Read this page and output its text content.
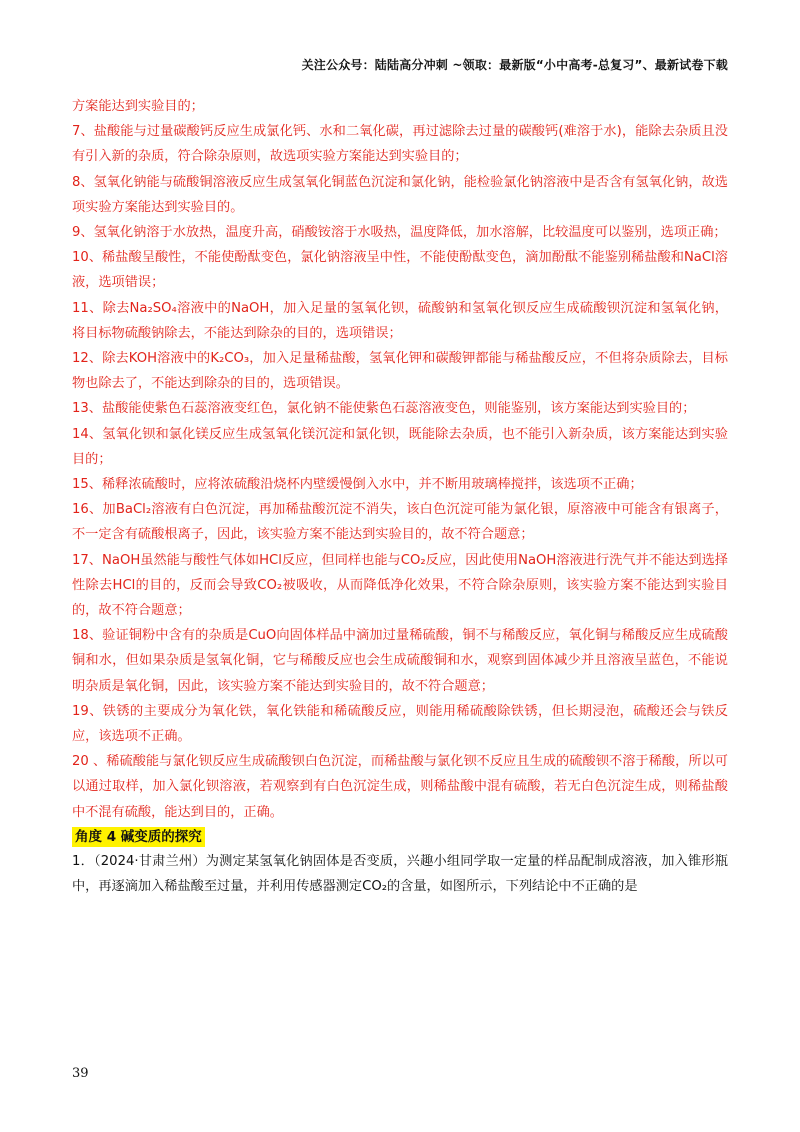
关注公众号：陆陆高分冲刺 ~领取：最新版“小中高考-总复习”、最新试卷下载

方案能达到实验目的；

7、盐酸能与过量碳酸钙反应生成氯化钙、水和二氧化碳，再过滤除去过量的碳酸钙(难溶于水)，能除去杂质且没有引入新的杂质，符合除杂原则，故选项实验方案能达到实验目的；

8、氢氧化钠能与硫酸铜溶液反应生成氢氧化铜蓝色沉淀和氯化钠，能检验氯化钠溶液中是否含有氢氧化钠，故选项实验方案能达到实验目的。

9、氢氧化钠溶于水放热，温度升高，硝酸铵溶于水吸热，温度降低，加水溶解，比较温度可以鉴别，选项正确；

10、稀盐酸呈酸性，不能使酚酞变色，氯化钠溶液呈中性，不能使酚酞变色，滴加酚酞不能鉴别稀盐酸和NaCl溶液，选项错误；

11、除去Na₂SO₄溶液中的NaOH，加入足量的氢氧化钡，硫酸钠和氢氧化钡反应生成硫酸钡沉淀和氢氧化钠，将目标物硫酸钠除去，不能达到除杂的目的，选项错误；

12、除去KOH溶液中的K₂CO₃，加入足量稀盐酸，氢氧化钾和碳酸钾都能与稀盐酸反应，不但将杂质除去，目标物也除去了，不能达到除杂的目的，选项错误。

13、盐酸能使紫色石蕊溶液变红色，氯化钠不能使紫色石蕊溶液变色，则能鉴别，该方案能达到实验目的；

14、氢氧化钡和氯化镁反应生成氢氧化镁沉淀和氯化钡，既能除去杂质，也不能引入新杂质，该方案能达到实验目的；

15、稀释浓硫酸时，应将浓硫酸沿烧杯内壁缓慢倒入水中，并不断用玻璃棒搅拌，该选项不正确；

16、加BaCl₂溶液有白色沉淀，再加稀盐酸沉淀不消失，该白色沉淀可能为氯化银，原溶液中可能含有银离子，不一定含有硫酸根离子，因此，该实验方案不能达到实验目的，故不符合题意；

17、NaOH虽然能与酸性气体如HCl反应，但同样也能与CO₂反应，因此使用NaOH溶液进行洗气并不能达到选择性除去HCl的目的，反而会导致CO₂被吸收，从而降低净化效果，不符合除杂原则，该实验方案不能达到实验目的，故不符合题意；

18、验证铜粉中含有的杂质是CuO向固体样品中滴加过量稀硫酸，铜不与稀酸反应，氧化铜与稀酸反应生成硫酸铜和水，但如果杂质是氢氧化铜，它与稀酸反应也会生成硫酸铜和水，观察到固体减少并且溶液呈蓝色，不能说明杂质是氧化铜，因此，该实验方案不能达到实验目的，故不符合题意；

19、铁锈的主要成分为氧化铁，氧化铁能和稀硫酸反应，则能用稀硫酸除铁锈，但长期浸泡，硫酸还会与铁反应，该选项不正确。

20 、稀硫酸能与氯化钡反应生成硫酸钡白色沉淀，而稀盐酸与氯化钡不反应且生成的硫酸钡不溶于稀酸，所以可以通过取样，加入氯化钡溶液，若观察到有白色沉淀生成，则稀盐酸中混有硫酸，若无白色沉淀生成，则稀盐酸中不混有硫酸，能达到目的，正确。

角度 4 碱变质的探究

1．（2024·甘肃兰州）为测定某氢氧化钠固体是否变质，兴趣小组同学取一定量的样品配制成溶液，加入锥形瓶中，再逐滴加入稀盐酸至过量，并利用传感器测定CO₂的含量，如图所示，下列结论中不正确的是

39
